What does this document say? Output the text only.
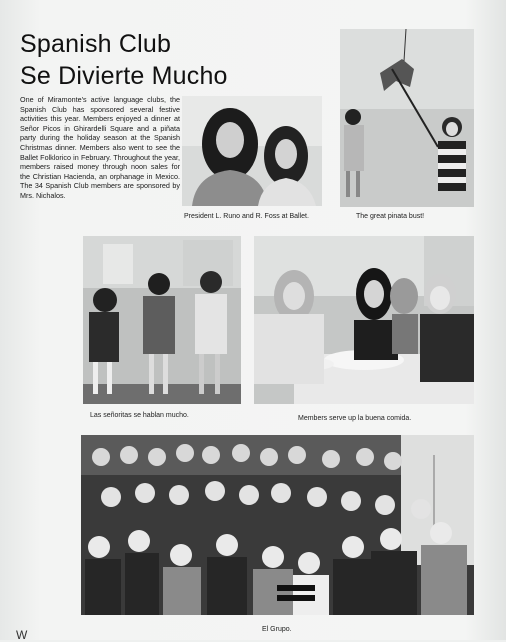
Spanish Club
Se Divierte Mucho

One of Miramonte's active language clubs, the Spanish Club has sponsored several festive activities this year. Members enjoyed a dinner at Señor Picos in Ghirardelli Square and a piñata party during the holiday season at the Spanish Christmas dinner. Members also went to see the Ballet Folklorico in February. Throughout the year, members raised money through noon sales for the Christian Hacienda, an orphanage in Mexico. The 34 Spanish Club members are sponsored by Mrs. Nichalos.

President L. Runo and R. Foss at Ballet.	The great pinata bust!

Las señoritas se hablan mucho.	Members serve up la buena comida.

El Grupo.

W
